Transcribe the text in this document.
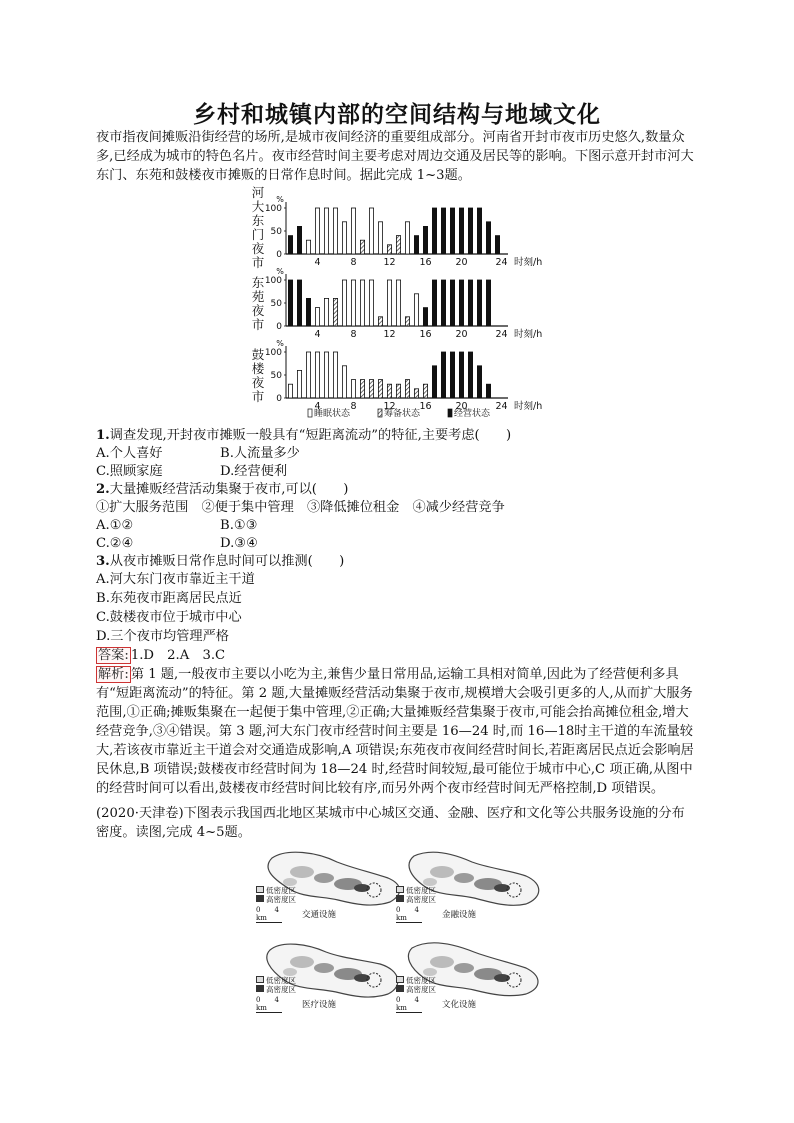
乡村和城镇内部的空间结构与地域文化
夜市指夜间摊贩沿街经营的场所,是城市夜间经济的重要组成部分。河南省开封市夜市历史悠久,数量众多,已经成为城市的特色名片。夜市经营时间主要考虑对周边交通及居民等的影响。下图示意开封市河大东门、东苑和鼓楼夜市摊贩的日常作息时间。据此完成 1~3题。
河
大
东
门
夜
市
东
苑
夜
市
鼓
楼
夜
市
0
50
100
%
4	8	12	16	20	24 时刻/h
0
50
100
%
4	8	12	16	20	24 时刻/h
0
50
100
%
4	8	12	16	20	24 时刻/h
睡眠状态	筹备状态	经营状态
1.调查发现,开封夜市摊贩一般具有“短距离流动”的特征,主要考虑(　　)
A.个人喜好	B.人流量多少
C.照顾家庭	D.经营便利
2.大量摊贩经营活动集聚于夜市,可以(　　)
①扩大服务范围　②便于集中管理　③降低摊位租金　④减少经营竞争
A.①②	B.①③
C.②④	D.③④
3.从夜市摊贩日常作息时间可以推测(　　)
A.河大东门夜市靠近主干道
B.东苑夜市距离居民点近
C.鼓楼夜市位于城市中心
D.三个夜市均管理严格
答案: 1.D　2.A　3.C
解析: 第 1 题,一般夜市主要以小吃为主,兼售少量日常用品,运输工具相对简单,因此为了经营便利多具有“短距离流动”的特征。第 2 题,大量摊贩经营活动集聚于夜市,规模增大会吸引更多的人,从而扩大服务范围,①正确;摊贩集聚在一起便于集中管理,②正确;大量摊贩经营集聚于夜市,可能会抬高摊位租金,增大经营竞争,③④错误。第 3 题,河大东门夜市经营时间主要是 16—24 时,而 16—18时主干道的车流量较大,若该夜市靠近主干道会对交通造成影响,A 项错误;东苑夜市夜间经营时间长,若距离居民点近会影响居民休息,B 项错误;鼓楼夜市经营时间为 18—24 时,经营时间较短,最可能位于城市中心,C 项正确,从图中的经营时间可以看出,鼓楼夜市经营时间比较有序,而另外两个夜市经营时间无严格控制,D 项错误。
(2020·天津卷)下图表示我国西北地区某城市中心城区交通、金融、医疗和文化等公共服务设施的分布密度。读图,完成 4~5题。
低密度区
高密度区
0　　4 km	交通设施
低密度区
高密度区
0　　4 km	金融设施
低密度区
高密度区
0　　4 km	医疗设施
低密度区
高密度区
0　　4 km	文化设施
